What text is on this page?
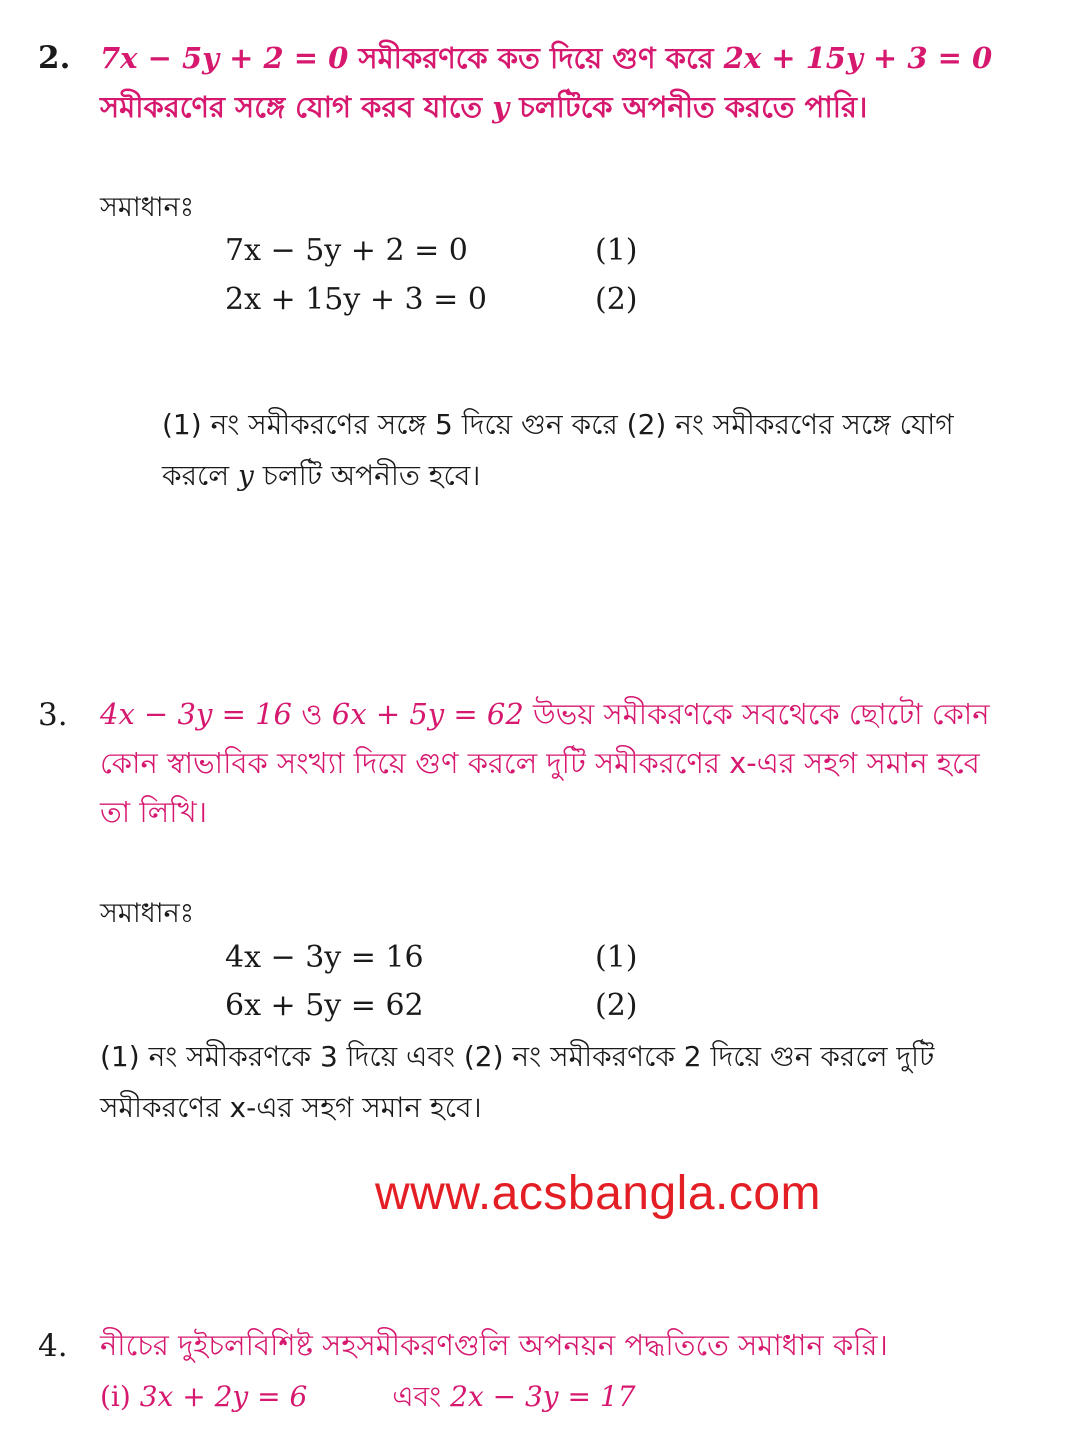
2. 7x − 5y + 2 = 0 সমীকরণকে কত দিয়ে গুণ করে 2x + 15y + 3 = 0
সমীকরণের সঙ্গে যোগ করব যাতে y চলটিকে অপনীত করতে পারি।
সমাধানঃ
7x − 5y + 2 = 0	(1)
2x + 15y + 3 = 0	(2)
(1) নং সমীকরণের সঙ্গে 5 দিয়ে গুন করে (2) নং সমীকরণের সঙ্গে যোগ
করলে y চলটি অপনীত হবে।
3. 4x − 3y = 16 ও 6x + 5y = 62 উভয় সমীকরণকে সবথেকে ছোটো কোন
কোন স্বাভাবিক সংখ্যা দিয়ে গুণ করলে দুটি সমীকরণের x-এর সহগ সমান হবে
তা লিখি।
সমাধানঃ
4x − 3y = 16	(1)
6x + 5y = 62	(2)
(1) নং সমীকরণকে 3 দিয়ে এবং (2) নং সমীকরণকে 2 দিয়ে গুন করলে দুটি
সমীকরণের x-এর সহগ সমান হবে।
www.acsbangla.com
4. নীচের দুইচলবিশিষ্ট সহসমীকরণগুলি অপনয়ন পদ্ধতিতে সমাধান করি।
(i) 3x + 2y = 6	এবং 2x − 3y = 17
